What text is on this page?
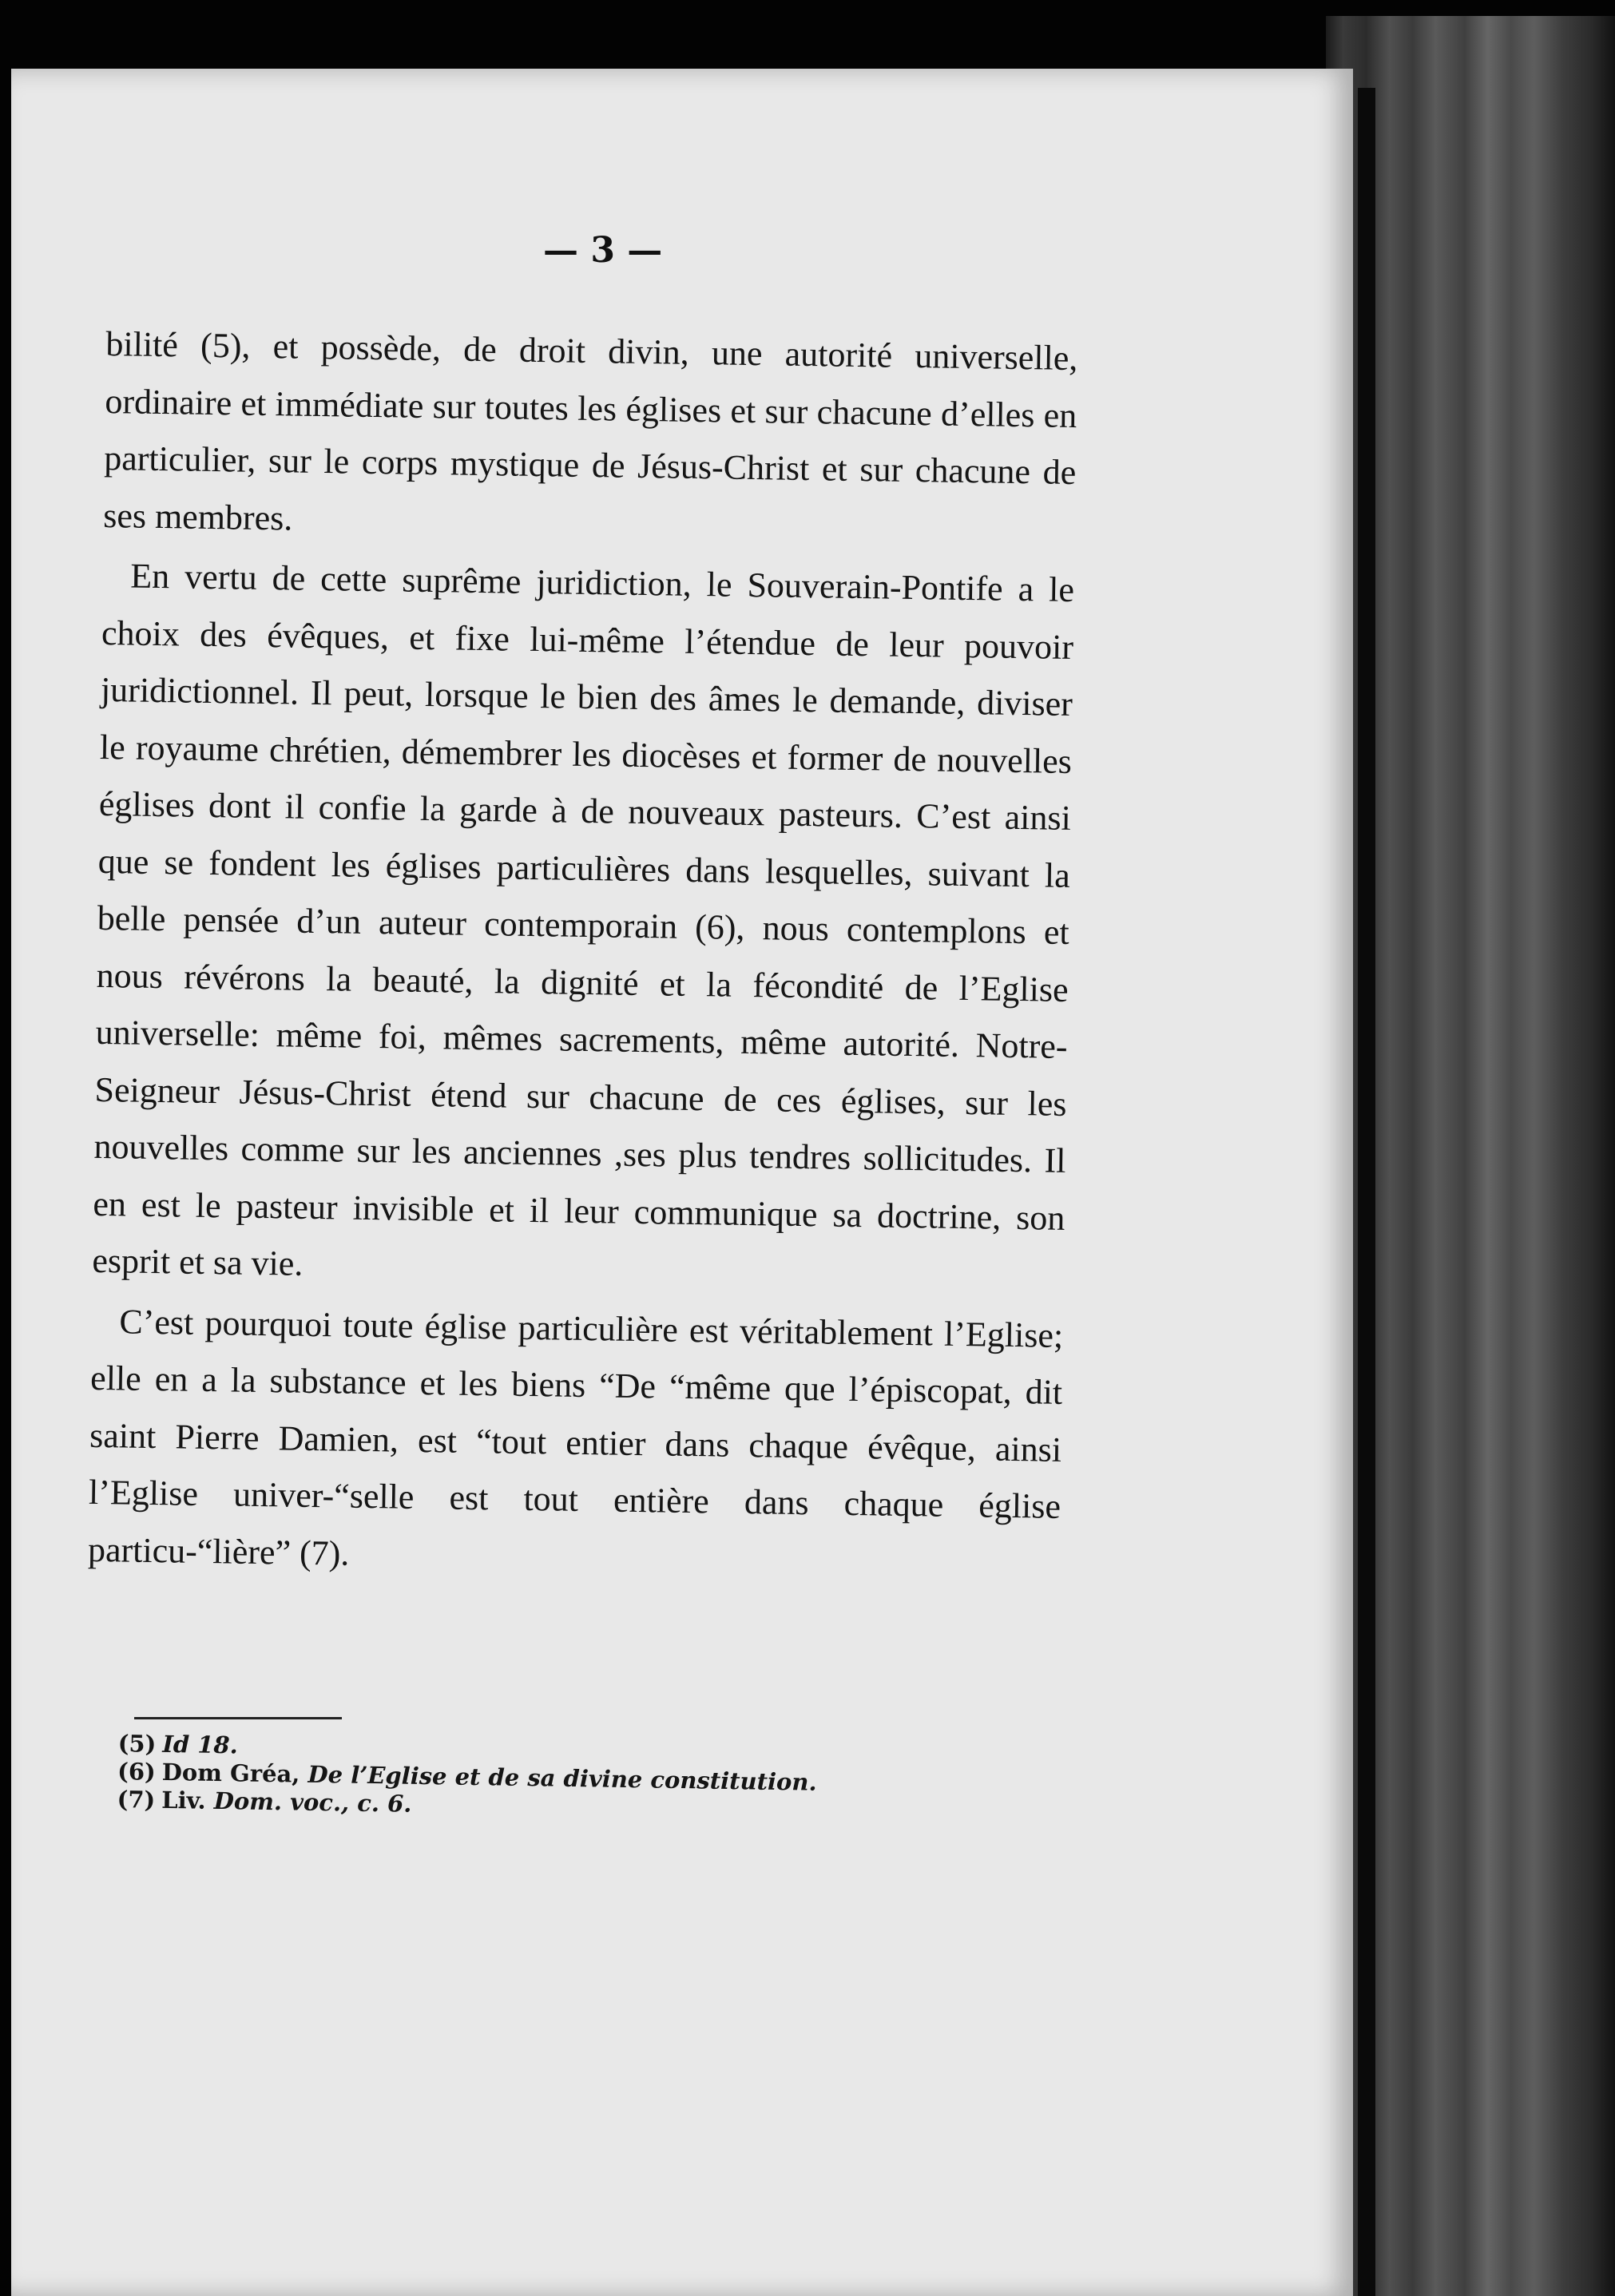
— 3 —

bilité (5), et possède, de droit divin, une autorité universelle, ordinaire et immédiate sur toutes les églises et sur chacune d’elles en particulier, sur le corps mystique de Jésus-Christ et sur chacune de ses membres.

En vertu de cette suprême juridiction, le Souverain-Pontife a le choix des évêques, et fixe lui-même l’étendue de leur pouvoir juridictionnel. Il peut, lorsque le bien des âmes le demande, diviser le royaume chrétien, démembrer les diocèses et former de nouvelles églises dont il confie la garde à de nouveaux pasteurs. C’est ainsi que se fondent les églises particulières dans lesquelles, suivant la belle pensée d’un auteur contemporain (6), nous contemplons et nous révérons la beauté, la dignité et la fécondité de l’Eglise universelle: même foi, mêmes sacrements, même autorité. Notre-Seigneur Jésus-Christ étend sur chacune de ces églises, sur les nouvelles comme sur les anciennes ,ses plus tendres sollicitudes. Il en est le pasteur invisible et il leur communique sa doctrine, son esprit et sa vie.

C’est pourquoi toute église particulière est véritablement l’Eglise; elle en a la substance et les biens “De “même que l’épiscopat, dit saint Pierre Damien, est “tout entier dans chaque évêque, ainsi l’Eglise univer-“selle est tout entière dans chaque église particu-“lière” (7).

(5) Id 18.
(6) Dom Gréa, De l’Eglise et de sa divine constitution.
(7) Liv. Dom. voc., c. 6.
